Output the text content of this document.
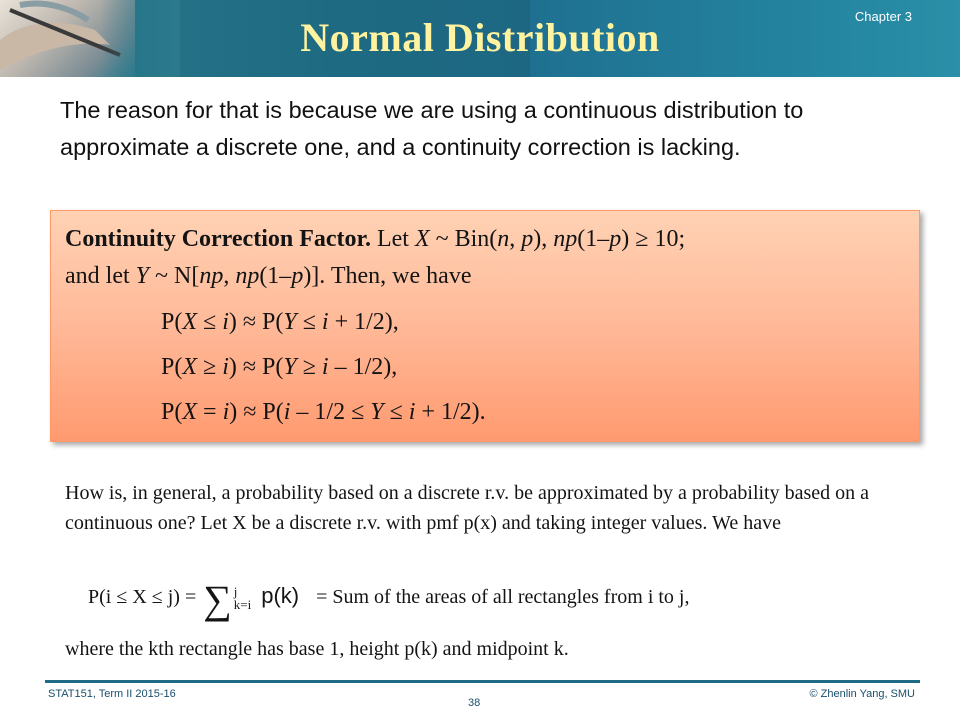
Normal Distribution	Chapter 3
The reason for that is because we are using a continuous distribution to approximate a discrete one, and a continuity correction is lacking.
Continuity Correction Factor. Let X ~ Bin(n, p), np(1–p) ≥ 10;
and let Y ~ N[np, np(1–p)]. Then, we have
P(X ≤ i) ≈ P(Y ≤ i + 1/2),
P(X ≥ i) ≈ P(Y ≥ i – 1/2),
P(X = i) ≈ P(i – 1/2 ≤ Y ≤ i + 1/2).
How is, in general, a probability based on a discrete r.v. be approximated by a probability based on a continuous one? Let X be a discrete r.v. with pmf p(x) and taking integer values. We have
P(i ≤ X ≤ j) = ∑ j
k=i p(k) = Sum of the areas of all rectangles from i to j,
where the kth rectangle has base 1, height p(k) and midpoint k.
STAT151, Term II 2015-16
38
© Zhenlin Yang, SMU
